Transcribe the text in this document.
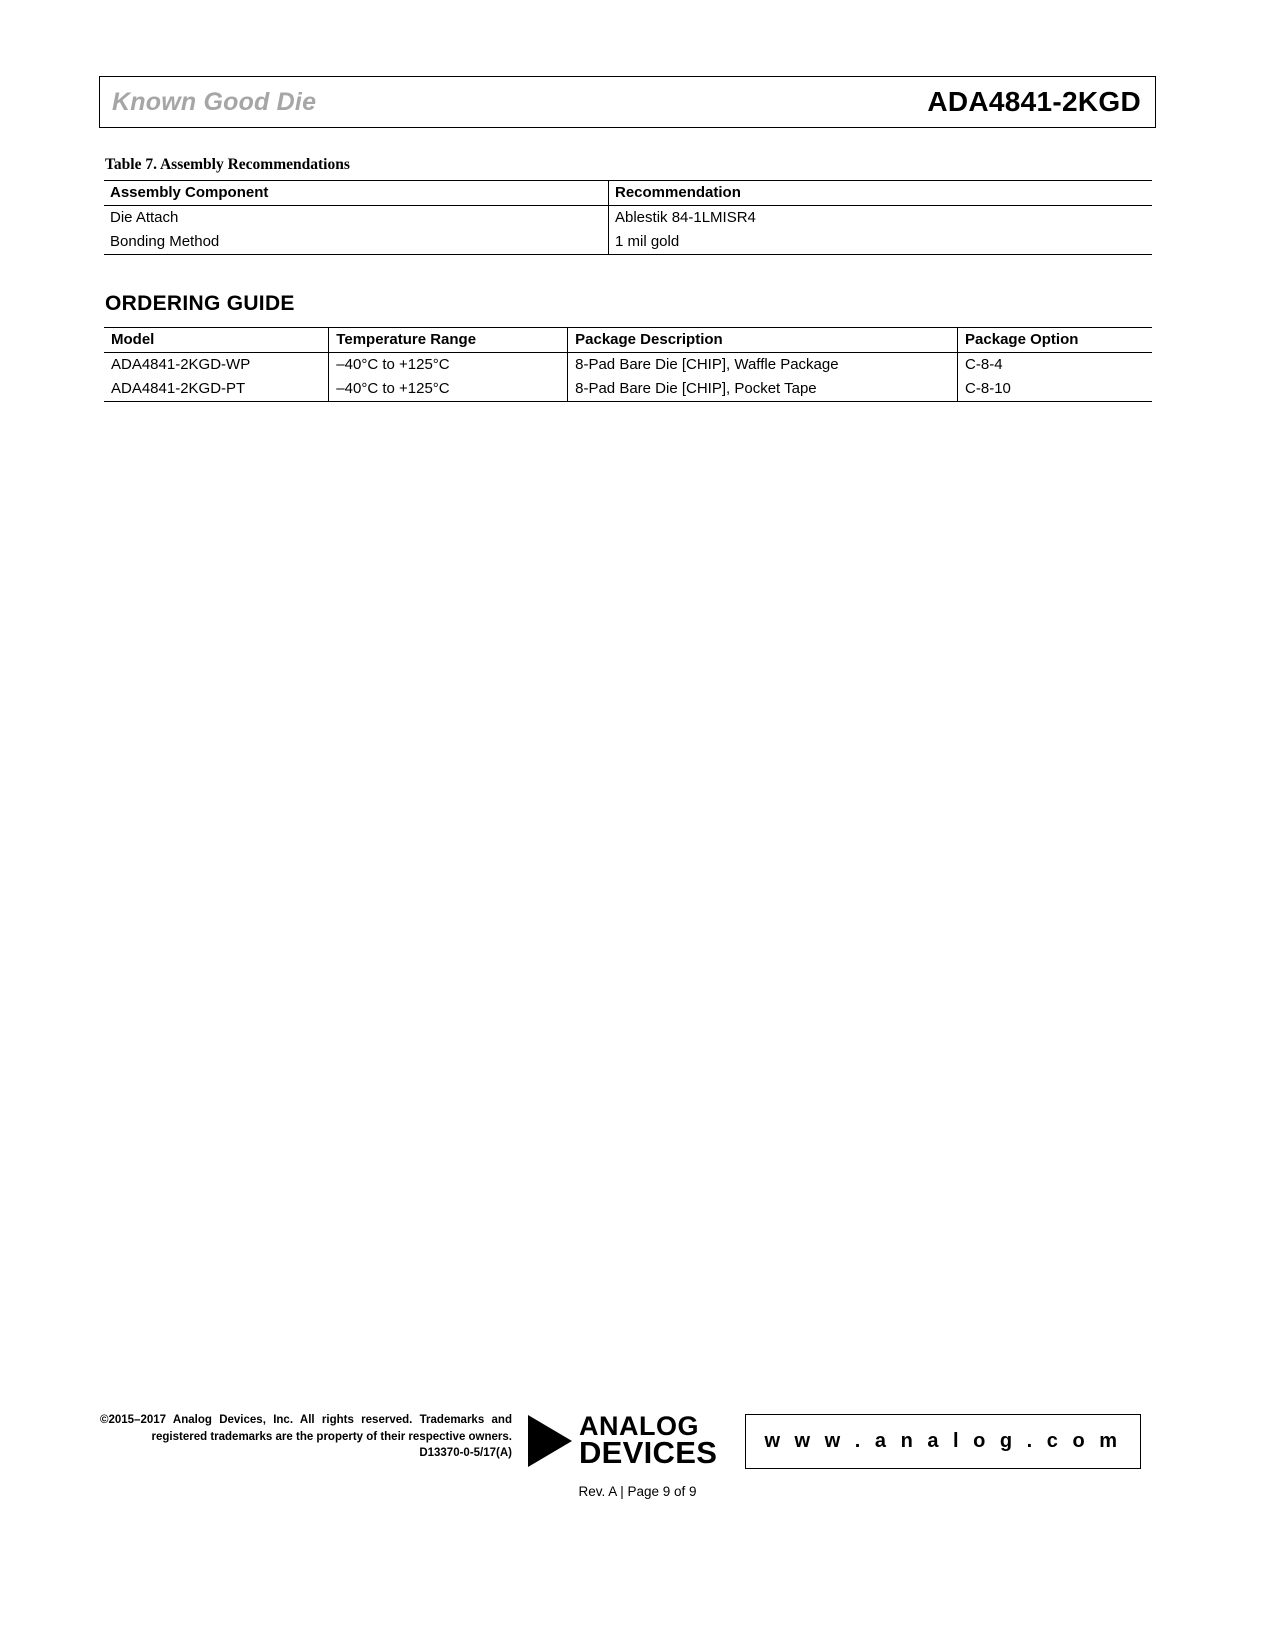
Known Good Die	ADA4841-2KGD
Table 7. Assembly Recommendations
Assembly Component	Recommendation
Die Attach	Ablestik 84-1LMISR4
Bonding Method	1 mil gold
ORDERING GUIDE
Model	Temperature Range	Package Description	Package Option
ADA4841-2KGD-WP	–40°C to +125°C	8-Pad Bare Die [CHIP], Waffle Package	C-8-4
ADA4841-2KGD-PT	–40°C to +125°C	8-Pad Bare Die [CHIP], Pocket Tape	C-8-10
©2015–2017 Analog Devices, Inc. All rights reserved. Trademarks and registered trademarks are the property of their respective owners.
D13370-0-5/17(A)
ANALOG
DEVICES w w w . a n a l o g . c o m
Rev. A | Page 9 of 9
